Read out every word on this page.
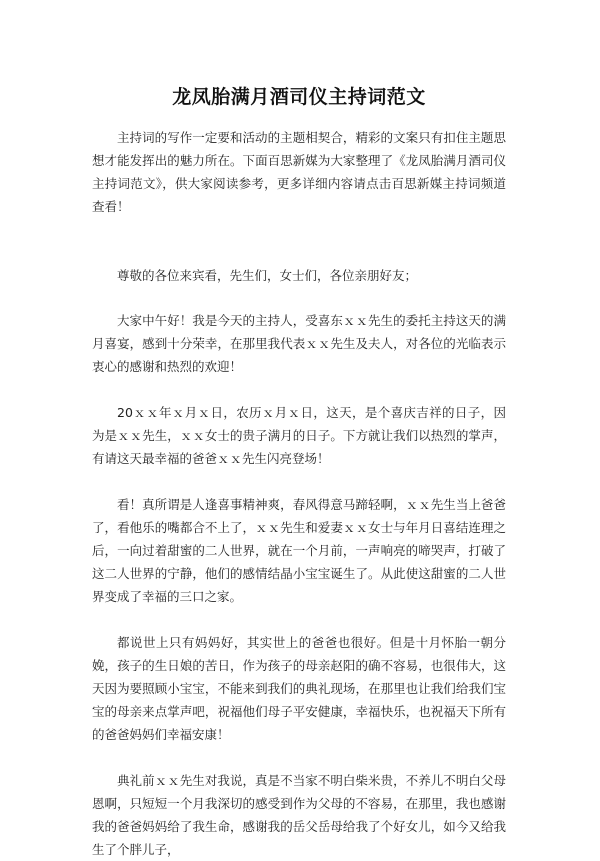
龙凤胎满月酒司仪主持词范文

主持词的写作一定要和活动的主题相契合，精彩的文案只有扣住主题思想才能发挥出的魅力所在。下面百思新媒为大家整理了《龙凤胎满月酒司仪主持词范文》，供大家阅读参考，更多详细内容请点击百思新媒主持词频道查看！

尊敬的各位来宾看，先生们，女士们，各位亲朋好友；

大家中午好！我是今天的主持人，受喜东ｘｘ先生的委托主持这天的满月喜宴，感到十分荣幸，在那里我代表ｘｘ先生及夫人，对各位的光临表示衷心的感谢和热烈的欢迎！

20ｘｘ年ｘ月ｘ日，农历ｘ月ｘ日，这天，是个喜庆吉祥的日子，因为是ｘｘ先生，ｘｘ女士的贵子满月的日子。下方就让我们以热烈的掌声，有请这天最幸福的爸爸ｘｘ先生闪亮登场！

看！真所谓是人逢喜事精神爽，春风得意马蹄轻啊，ｘｘ先生当上爸爸了，看他乐的嘴都合不上了，ｘｘ先生和爱妻ｘｘ女士与年月日喜结连理之后，一向过着甜蜜的二人世界，就在一个月前，一声响亮的啼哭声，打破了这二人世界的宁静，他们的感情结晶小宝宝诞生了。从此使这甜蜜的二人世界变成了幸福的三口之家。

都说世上只有妈妈好，其实世上的爸爸也很好。但是十月怀胎一朝分娩，孩子的生日娘的苦日，作为孩子的母亲赵阳的确不容易，也很伟大，这天因为要照顾小宝宝，不能来到我们的典礼现场，在那里也让我们给我们宝宝的母亲来点掌声吧，祝福他们母子平安健康，幸福快乐，也祝福天下所有的爸爸妈妈们幸福安康！

典礼前ｘｘ先生对我说，真是不当家不明白柴米贵，不养儿不明白父母恩啊，只短短一个月我深切的感受到作为父母的不容易，在那里，我也感谢我的爸爸妈妈给了我生命，感谢我的岳父岳母给我了个好女儿，如今又给我生了个胖儿子，
